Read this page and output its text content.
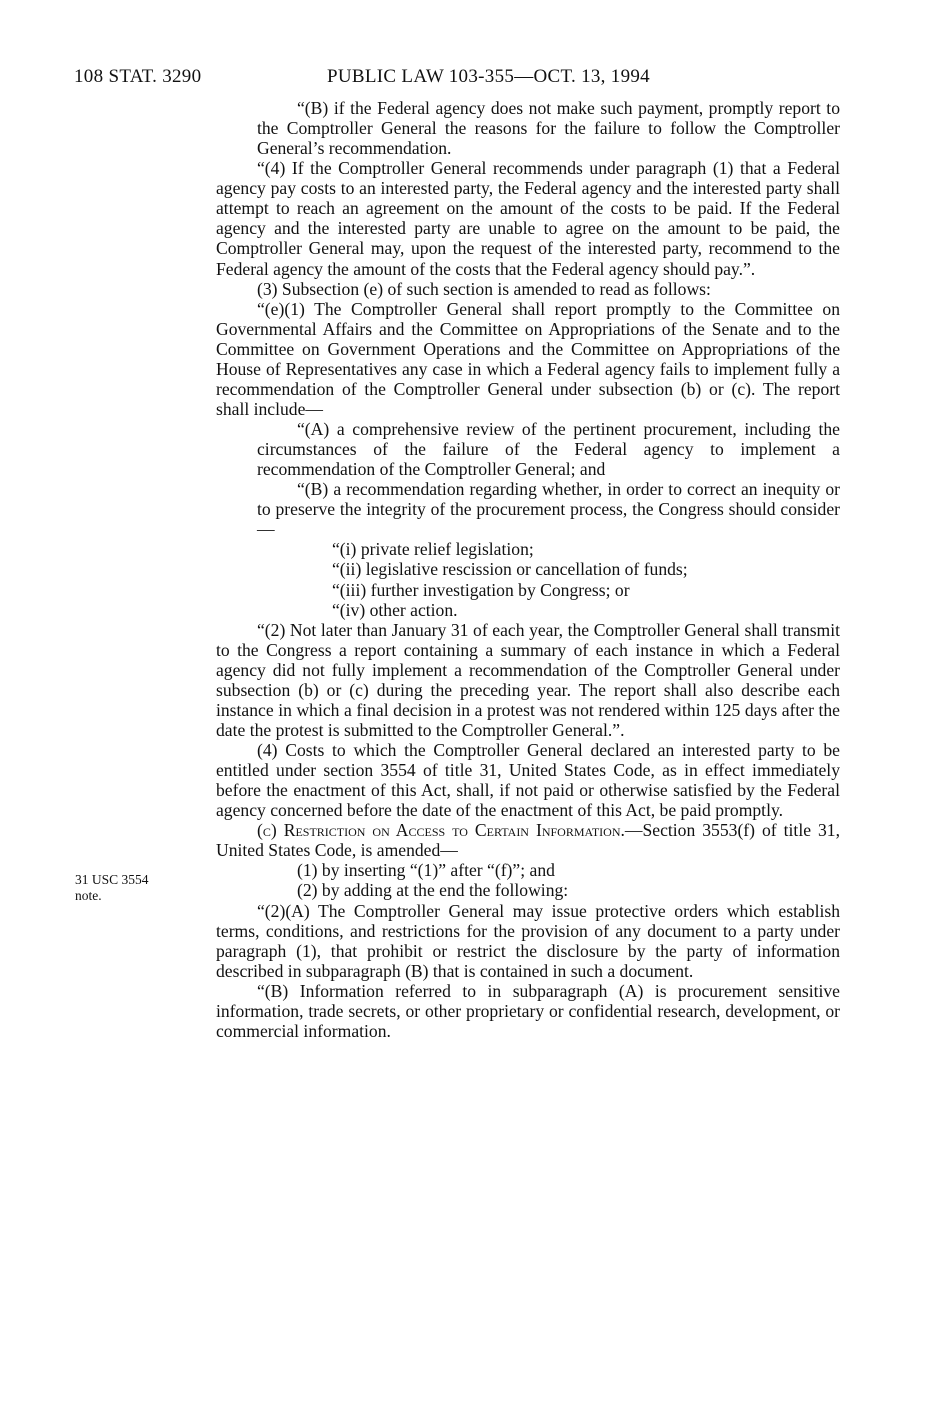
108 STAT. 3290	PUBLIC LAW 103-355—OCT. 13, 1994
31 USC 3554
note.

“(B) if the Federal agency does not make such payment, promptly report to the Comptroller General the reasons for the failure to follow the Comptroller General’s recommendation.

“(4) If the Comptroller General recommends under paragraph (1) that a Federal agency pay costs to an interested party, the Federal agency and the interested party shall attempt to reach an agreement on the amount of the costs to be paid. If the Federal agency and the interested party are unable to agree on the amount to be paid, the Comptroller General may, upon the request of the interested party, recommend to the Federal agency the amount of the costs that the Federal agency should pay.”.

(3) Subsection (e) of such section is amended to read as follows:

“(e)(1) The Comptroller General shall report promptly to the Committee on Governmental Affairs and the Committee on Appropriations of the Senate and to the Committee on Government Operations and the Committee on Appropriations of the House of Representatives any case in which a Federal agency fails to implement fully a recommendation of the Comptroller General under subsection (b) or (c). The report shall include—

“(A) a comprehensive review of the pertinent procurement, including the circumstances of the failure of the Federal agency to implement a recommendation of the Comptroller General; and

“(B) a recommendation regarding whether, in order to correct an inequity or to preserve the integrity of the procurement process, the Congress should consider—

“(i) private relief legislation;

“(ii) legislative rescission or cancellation of funds;

“(iii) further investigation by Congress; or

“(iv) other action.

“(2) Not later than January 31 of each year, the Comptroller General shall transmit to the Congress a report containing a summary of each instance in which a Federal agency did not fully implement a recommendation of the Comptroller General under subsection (b) or (c) during the preceding year. The report shall also describe each instance in which a final decision in a protest was not rendered within 125 days after the date the protest is submitted to the Comptroller General.”.

(4) Costs to which the Comptroller General declared an interested party to be entitled under section 3554 of title 31, United States Code, as in effect immediately before the enactment of this Act, shall, if not paid or otherwise satisfied by the Federal agency concerned before the date of the enactment of this Act, be paid promptly.

(c) Restriction on Access to Certain Information.—Section 3553(f) of title 31, United States Code, is amended—

(1) by inserting “(1)” after “(f)”; and

(2) by adding at the end the following:

“(2)(A) The Comptroller General may issue protective orders which establish terms, conditions, and restrictions for the provision of any document to a party under paragraph (1), that prohibit or restrict the disclosure by the party of information described in subparagraph (B) that is contained in such a document.

“(B) Information referred to in subparagraph (A) is procurement sensitive information, trade secrets, or other proprietary or confidential research, development, or commercial information.
